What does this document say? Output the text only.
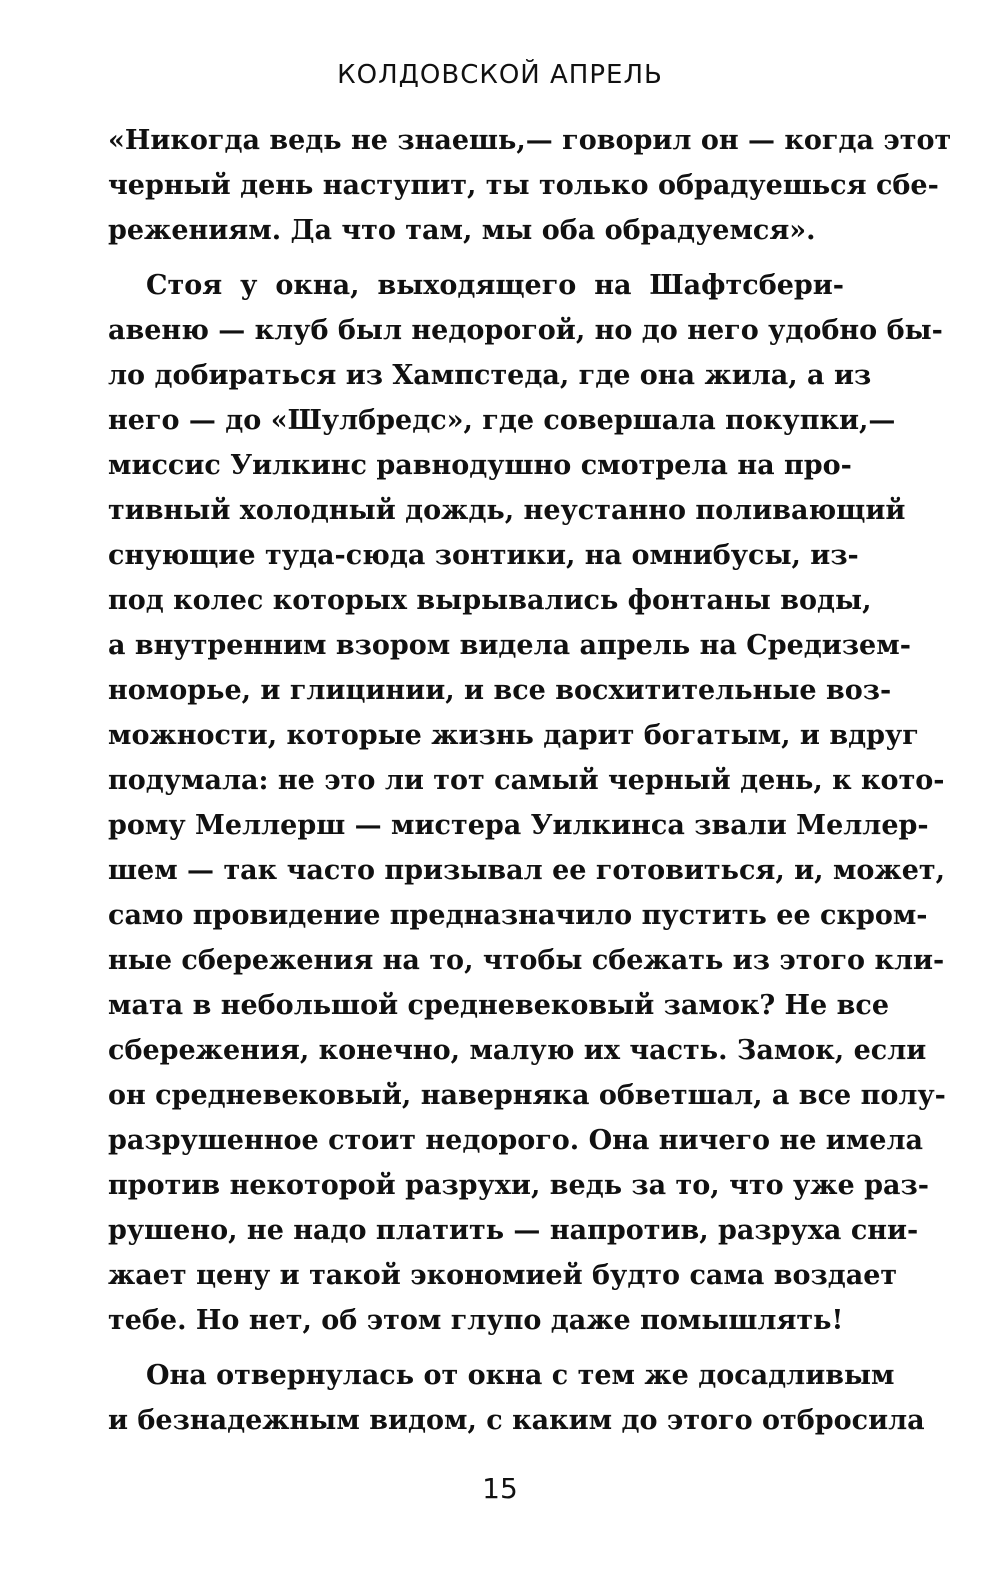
КОЛДОВСКОЙ АПРЕЛЬ
«Никогда ведь не знаешь,— говорил он — когда этот
черный день наступит, ты только обрадуешься сбе-
режениям. Да что там, мы оба обрадуемся».
Стоя у окна, выходящего на Шафтсбери-
авеню — клуб был недорогой, но до него удобно бы-
ло добираться из Хампстеда, где она жила, а из
него — до «Шулбредс», где совершала покупки,—
миссис Уилкинс равнодушно смотрела на про-
тивный холодный дождь, неустанно поливающий
снующие туда-сюда зонтики, на омнибусы, из-
под колес которых вырывались фонтаны воды,
а внутренним взором видела апрель на Средизем-
номорье, и глицинии, и все восхитительные воз-
можности, которые жизнь дарит богатым, и вдруг
подумала: не это ли тот самый черный день, к кото-
рому Меллерш — мистера Уилкинса звали Меллер-
шем — так часто призывал ее готовиться, и, может,
само провидение предназначило пустить ее скром-
ные сбережения на то, чтобы сбежать из этого кли-
мата в небольшой средневековый замок? Не все
сбережения, конечно, малую их часть. Замок, если
он средневековый, наверняка обветшал, а все полу-
разрушенное стоит недорого. Она ничего не имела
против некоторой разрухи, ведь за то, что уже раз-
рушено, не надо платить — напротив, разруха сни-
жает цену и такой экономией будто сама воздает
тебе. Но нет, об этом глупо даже помышлять!
Она отвернулась от окна с тем же досадливым
и безнадежным видом, с каким до этого отбросила
15
